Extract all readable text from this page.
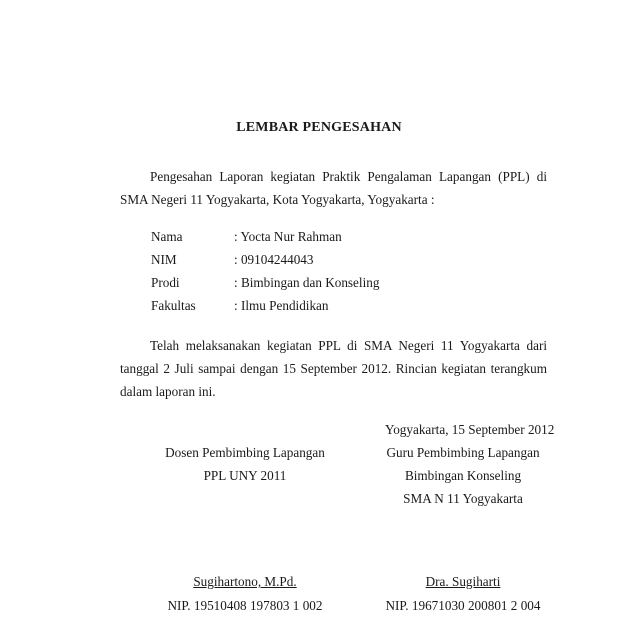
LEMBAR PENGESAHAN
Pengesahan Laporan kegiatan Praktik Pengalaman Lapangan (PPL) di
SMA Negeri 11 Yogyakarta, Kota Yogyakarta, Yogyakarta :
Nama	: Yocta Nur Rahman
NIM	: 09104244043
Prodi	: Bimbingan dan Konseling
Fakultas	: Ilmu Pendidikan
Telah melaksanakan kegiatan PPL di SMA Negeri 11 Yogyakarta dari
tanggal 2 Juli sampai dengan 15 September 2012. Rincian kegiatan terangkum
dalam laporan ini.
Yogyakarta, 15 September 2012
Dosen Pembimbing Lapangan
PPL UNY 2011
Sugihartono, M.Pd.
NIP. 19510408 197803 1 002
Guru Pembimbing Lapangan
Bimbingan Konseling
SMA N 11 Yogyakarta
Dra. Sugiharti
NIP. 19671030 200801 2 004
